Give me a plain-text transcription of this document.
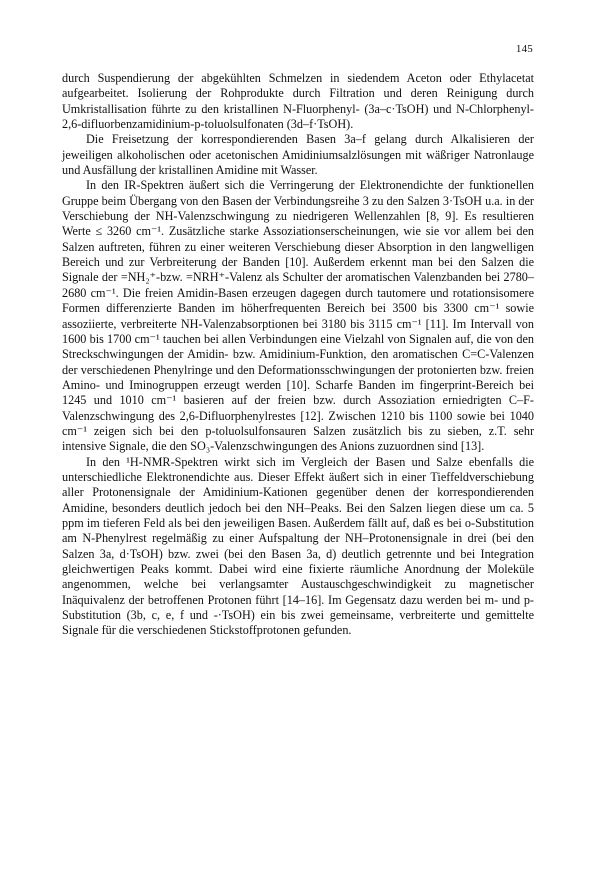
145

durch Suspendierung der abgekühlten Schmelzen in siedendem Aceton oder Ethylacetat aufgearbeitet. Isolierung der Rohprodukte durch Filtration und deren Reinigung durch Umkristallisation führte zu den kristallinen N-Fluorphenyl- (3a–c·TsOH) und N-Chlorphenyl-2,6-difluorbenzamidinium-p-toluolsulfonaten (3d–f·TsOH).

Die Freisetzung der korrespondierenden Basen 3a–f gelang durch Alkalisieren der jeweiligen alkoholischen oder acetonischen Amidiniumsalzlösungen mit wäßriger Natronlauge und Ausfällung der kristallinen Amidine mit Wasser.

In den IR-Spektren äußert sich die Verringerung der Elektronendichte der funktionellen Gruppe beim Übergang von den Basen der Verbindungsreihe 3 zu den Salzen 3·TsOH u.a. in der Verschiebung der NH-Valenzschwingung zu niedrigeren Wellenzahlen [8, 9]. Es resultieren Werte ≤ 3260 cm⁻¹. Zusätzliche starke Assoziationserscheinungen, wie sie vor allem bei den Salzen auftreten, führen zu einer weiteren Verschiebung dieser Absorption in den langwelligen Bereich und zur Verbreiterung der Banden [10]. Außerdem erkennt man bei den Salzen die Signale der =NH₂⁺-bzw. =NRH⁺-Valenz als Schulter der aromatischen Valenzbanden bei 2780–2680 cm⁻¹. Die freien Amidin-Basen erzeugen dagegen durch tautomere und rotationsisomere Formen differenzierte Banden im höherfrequenten Bereich bei 3500 bis 3300 cm⁻¹ sowie assoziierte, verbreiterte NH-Valenzabsorptionen bei 3180 bis 3115 cm⁻¹ [11]. Im Intervall von 1600 bis 1700 cm⁻¹ tauchen bei allen Verbindungen eine Vielzahl von Signalen auf, die von den Streckschwingungen der Amidin- bzw. Amidinium-Funktion, den aromatischen C=C-Valenzen der verschiedenen Phenylringe und den Deformationsschwingungen der protonierten bzw. freien Amino- und Iminogruppen erzeugt werden [10]. Scharfe Banden im fingerprint-Bereich bei 1245 und 1010 cm⁻¹ basieren auf der freien bzw. durch Assoziation erniedrigten C–F-Valenzschwingung des 2,6-Difluorphenylrestes [12]. Zwischen 1210 bis 1100 sowie bei 1040 cm⁻¹ zeigen sich bei den p-toluolsulfonsauren Salzen zusätzlich bis zu sieben, z.T. sehr intensive Signale, die den SO₃-Valenzschwingungen des Anions zuzuordnen sind [13].

In den ¹H-NMR-Spektren wirkt sich im Vergleich der Basen und Salze ebenfalls die unterschiedliche Elektronendichte aus. Dieser Effekt äußert sich in einer Tieffeldverschiebung aller Protonensignale der Amidinium-Kationen gegenüber denen der korrespondierenden Amidine, besonders deutlich jedoch bei den NH–Peaks. Bei den Salzen liegen diese um ca. 5 ppm im tieferen Feld als bei den jeweiligen Basen. Außerdem fällt auf, daß es bei o-Substitution am N-Phenylrest regelmäßig zu einer Aufspaltung der NH–Protonensignale in drei (bei den Salzen 3a, d·TsOH) bzw. zwei (bei den Basen 3a, d) deutlich getrennte und bei Integration gleichwertigen Peaks kommt. Dabei wird eine fixierte räumliche Anordnung der Moleküle angenommen, welche bei verlangsamter Austauschgeschwindigkeit zu magnetischer Inäquivalenz der betroffenen Protonen führt [14–16]. Im Gegensatz dazu werden bei m- und p-Substitution (3b, c, e, f und -·TsOH) ein bis zwei gemeinsame, verbreiterte und gemittelte Signale für die verschiedenen Stickstoffprotonen gefunden.
